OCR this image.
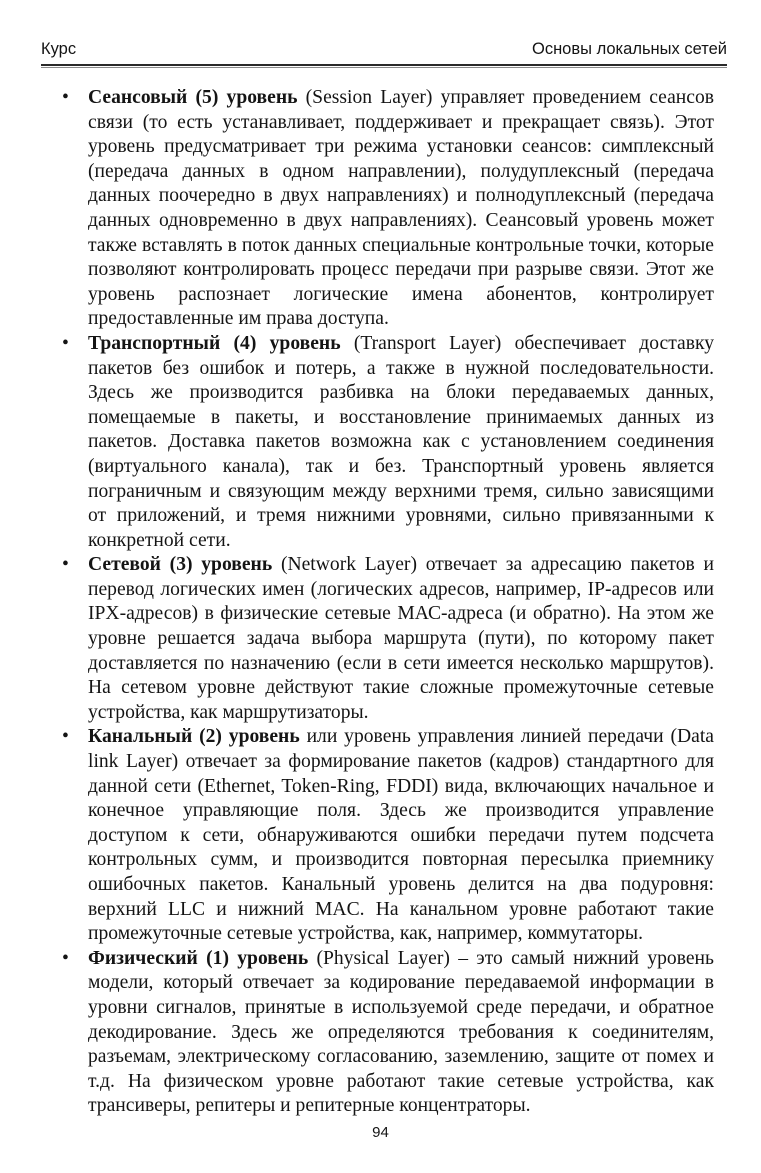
Курс	Основы локальных сетей

• Сеансовый (5) уровень (Session Layer) управляет проведением сеансов связи (то есть устанавливает, поддерживает и прекращает связь). Этот уровень предусматривает три режима установки сеансов: симплексный (передача данных в одном направлении), полудуплексный (передача данных поочередно в двух направлениях) и полнодуплексный (передача данных одновременно в двух направлениях). Сеансовый уровень может также вставлять в поток данных специальные контрольные точки, которые позволяют контролировать процесс передачи при разрыве связи. Этот же уровень распознает логические имена абонентов, контролирует предоставленные им права доступа.

• Транспортный (4) уровень (Transport Layer) обеспечивает доставку пакетов без ошибок и потерь, а также в нужной последовательности. Здесь же производится разбивка на блоки передаваемых данных, помещаемые в пакеты, и восстановление принимаемых данных из пакетов. Доставка пакетов возможна как с установлением соединения (виртуального канала), так и без. Транспортный уровень является пограничным и связующим между верхними тремя, сильно зависящими от приложений, и тремя нижними уровнями, сильно привязанными к конкретной сети.

• Сетевой (3) уровень (Network Layer) отвечает за адресацию пакетов и перевод логических имен (логических адресов, например, IP-адресов или IPX-адресов) в физические сетевые МАС-адреса (и обратно). На этом же уровне решается задача выбора маршрута (пути), по которому пакет доставляется по назначению (если в сети имеется несколько маршрутов). На сетевом уровне действуют такие сложные промежуточные сетевые устройства, как маршрутизаторы.

• Канальный (2) уровень или уровень управления линией передачи (Data link Layer) отвечает за формирование пакетов (кадров) стандартного для данной сети (Ethernet, Token-Ring, FDDI) вида, включающих начальное и конечное управляющие поля. Здесь же производится управление доступом к сети, обнаруживаются ошибки передачи путем подсчета контрольных сумм, и производится повторная пересылка приемнику ошибочных пакетов. Канальный уровень делится на два подуровня: верхний LLC и нижний MAC. На канальном уровне работают такие промежуточные сетевые устройства, как, например, коммутаторы.

• Физический (1) уровень (Physical Layer) – это самый нижний уровень модели, который отвечает за кодирование передаваемой информации в уровни сигналов, принятые в используемой среде передачи, и обратное декодирование. Здесь же определяются требования к соединителям, разъемам, электрическому согласованию, заземлению, защите от помех и т.д. На физическом уровне работают такие сетевые устройства, как трансиверы, репитеры и репитерные концентраторы.

94
